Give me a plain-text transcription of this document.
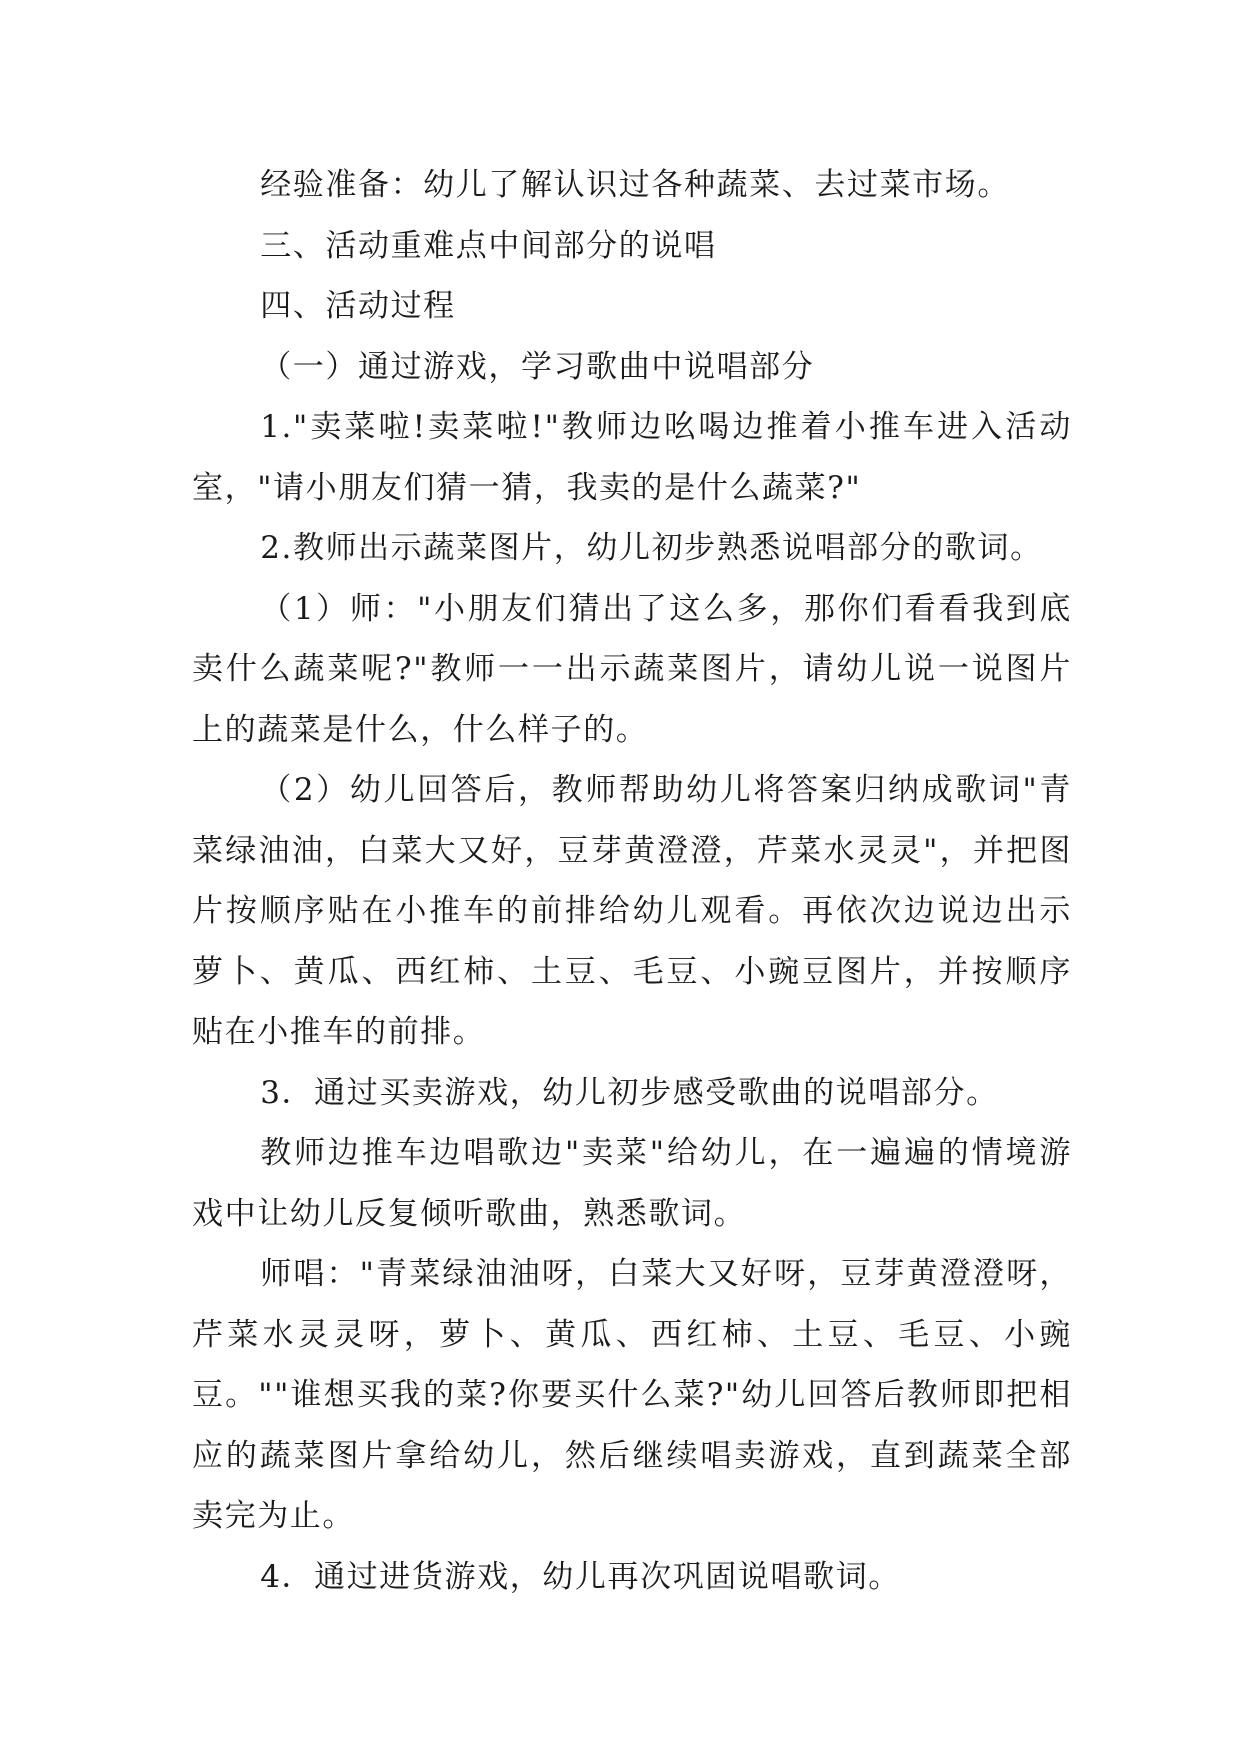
经验准备：幼儿了解认识过各种蔬菜、去过菜市场。

三、活动重难点中间部分的说唱

四、活动过程

（一）通过游戏，学习歌曲中说唱部分

1."卖菜啦!卖菜啦!"教师边吆喝边推着小推车进入活动室，"请小朋友们猜一猜，我卖的是什么蔬菜?"

2.教师出示蔬菜图片，幼儿初步熟悉说唱部分的歌词。

（1）师："小朋友们猜出了这么多，那你们看看我到底卖什么蔬菜呢?"教师一一出示蔬菜图片，请幼儿说一说图片上的蔬菜是什么，什么样子的。

（2）幼儿回答后，教师帮助幼儿将答案归纳成歌词"青菜绿油油，白菜大又好，豆芽黄澄澄，芹菜水灵灵"，并把图片按顺序贴在小推车的前排给幼儿观看。再依次边说边出示萝卜、黄瓜、西红柿、土豆、毛豆、小豌豆图片，并按顺序贴在小推车的前排。

3．通过买卖游戏，幼儿初步感受歌曲的说唱部分。

教师边推车边唱歌边"卖菜"给幼儿，在一遍遍的情境游戏中让幼儿反复倾听歌曲，熟悉歌词。

师唱："青菜绿油油呀，白菜大又好呀，豆芽黄澄澄呀，芹菜水灵灵呀，萝卜、黄瓜、西红柿、土豆、毛豆、小豌豆。""谁想买我的菜?你要买什么菜?"幼儿回答后教师即把相应的蔬菜图片拿给幼儿，然后继续唱卖游戏，直到蔬菜全部卖完为止。

4．通过进货游戏，幼儿再次巩固说唱歌词。
